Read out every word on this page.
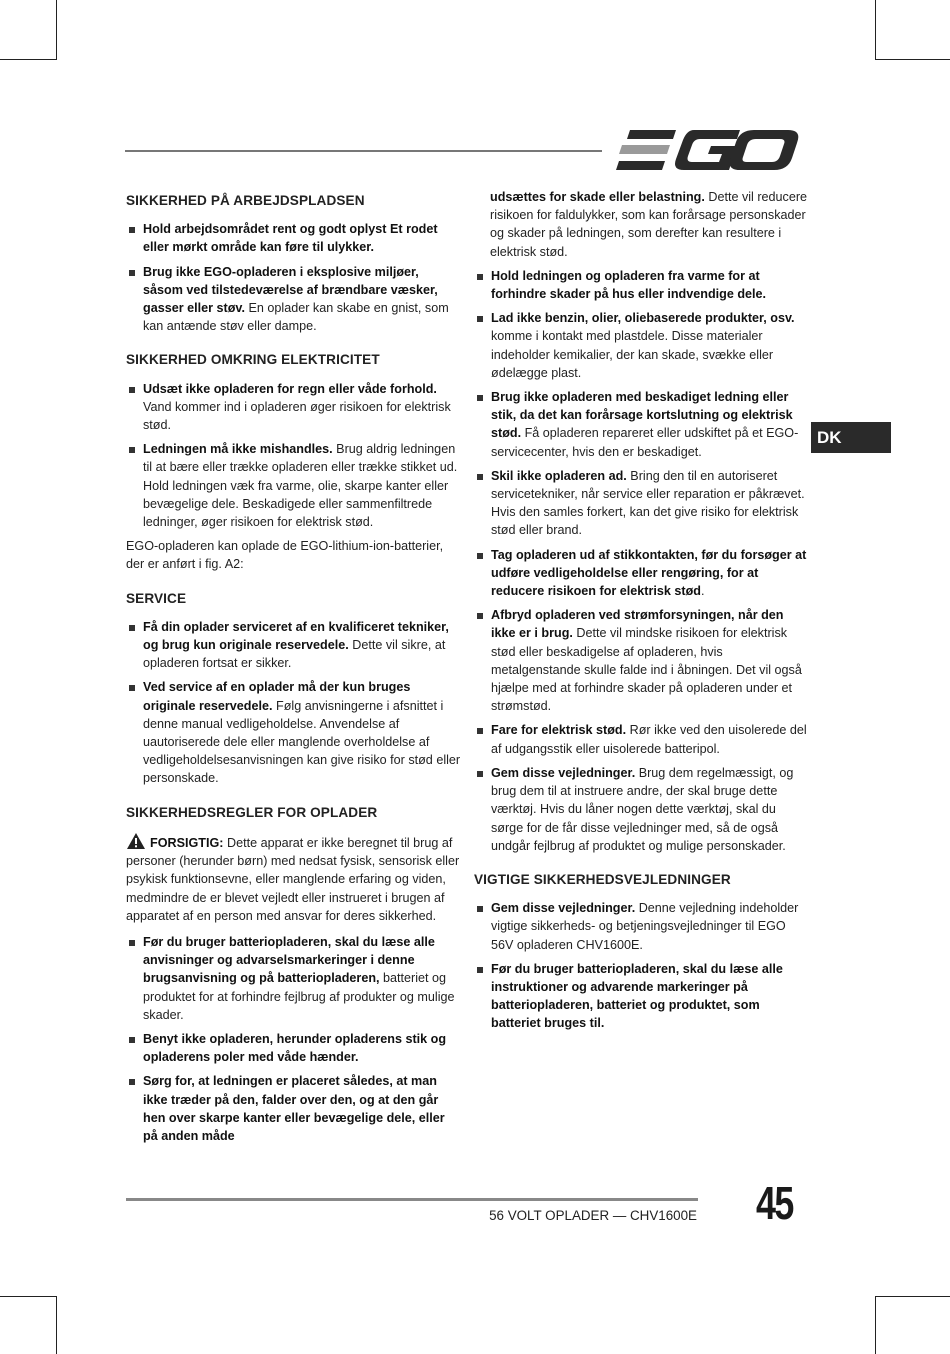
DK
SIKKERHED PÅ ARBEJDSPLADSEN
Hold arbejdsområdet rent og godt oplyst Et rodet eller mørkt område kan føre til ulykker.
Brug ikke EGO-opladeren i eksplosive miljøer, såsom ved tilstedeværelse af brændbare væsker, gasser eller støv. En oplader kan skabe en gnist, som kan antænde støv eller dampe.
SIKKERHED OMKRING ELEKTRICITET
Udsæt ikke opladeren for regn eller våde forhold. Vand kommer ind i opladeren øger risikoen for elektrisk stød.
Ledningen må ikke mishandles. Brug aldrig ledningen til at bære eller trække opladeren eller trække stikket ud. Hold ledningen væk fra varme, olie, skarpe kanter eller bevægelige dele. Beskadigede eller sammenfiltrede ledninger, øger risikoen for elektrisk stød.

EGO-opladeren kan oplade de EGO-lithium-ion-batterier, der er anført i fig. A2:

SERVICE
Få din oplader serviceret af en kvalificeret tekniker, og brug kun originale reservedele. Dette vil sikre, at opladeren fortsat er sikker.
Ved service af en oplader må der kun bruges originale reservedele. Følg anvisningerne i afsnittet i denne manual vedligeholdelse. Anvendelse af uautoriserede dele eller manglende overholdelse af vedligeholdelsesanvisningen kan give risiko for stød eller personskade.
SIKKERHEDSREGLER FOR OPLADER

FORSIGTIG: Dette apparat er ikke beregnet til brug af personer (herunder børn) med nedsat fysisk, sensorisk eller psykisk funktionsevne, eller manglende erfaring og viden, medmindre de er blevet vejledt eller instrueret i brugen af apparatet af en person med ansvar for deres sikkerhed.

Før du bruger batteriopladeren, skal du læse alle anvisninger og advarselsmarkeringer i denne brugsanvisning og på batteriopladeren, batteriet og produktet for at forhindre fejlbrug af produkter og mulige skader.
Benyt ikke opladeren, herunder opladerens stik og opladerens poler med våde hænder.
Sørg for, at ledningen er placeret således, at man ikke træder på den, falder over den, og at den går hen over skarpe kanter eller bevægelige dele, eller på anden måde
udsættes for skade eller belastning. Dette vil reducere risikoen for faldulykker, som kan forårsage personskader og skader på ledningen, som derefter kan resultere i elektrisk stød.
Hold ledningen og opladeren fra varme for at forhindre skader på hus eller indvendige dele.
Lad ikke benzin, olier, oliebaserede produkter, osv. komme i kontakt med plastdele. Disse materialer indeholder kemikalier, der kan skade, svække eller ødelægge plast.
Brug ikke opladeren med beskadiget ledning eller stik, da det kan forårsage kortslutning og elektrisk stød. Få opladeren repareret eller udskiftet på et EGO-servicecenter, hvis den er beskadiget.
Skil ikke opladeren ad. Bring den til en autoriseret servicetekniker, når service eller reparation er påkrævet. Hvis den samles forkert, kan det give risiko for elektrisk stød eller brand.
Tag opladeren ud af stikkontakten, før du forsøger at udføre vedligeholdelse eller rengøring, for at reducere risikoen for elektrisk stød.
Afbryd opladeren ved strømforsyningen, når den ikke er i brug. Dette vil mindske risikoen for elektrisk stød eller beskadigelse af opladeren, hvis metalgenstande skulle falde ind i åbningen. Det vil også hjælpe med at forhindre skader på opladeren under et strømstød.
Fare for elektrisk stød. Rør ikke ved den uisolerede del af udgangsstik eller uisolerede batteripol.
Gem disse vejledninger. Brug dem regelmæssigt, og brug dem til at instruere andre, der skal bruge dette værktøj. Hvis du låner nogen dette værktøj, skal du sørge for de får disse vejledninger med, så de også undgår fejlbrug af produktet og mulige personskader.
VIGTIGE SIKKERHEDSVEJLEDNINGER
Gem disse vejledninger. Denne vejledning indeholder vigtige sikkerheds- og betjeningsvejledninger til EGO 56V opladeren CHV1600E.
Før du bruger batteriopladeren, skal du læse alle instruktioner og advarende markeringer på batteriopladeren, batteriet og produktet, som batteriet bruges til.
56 VOLT OPLADER — CHV1600E 45
